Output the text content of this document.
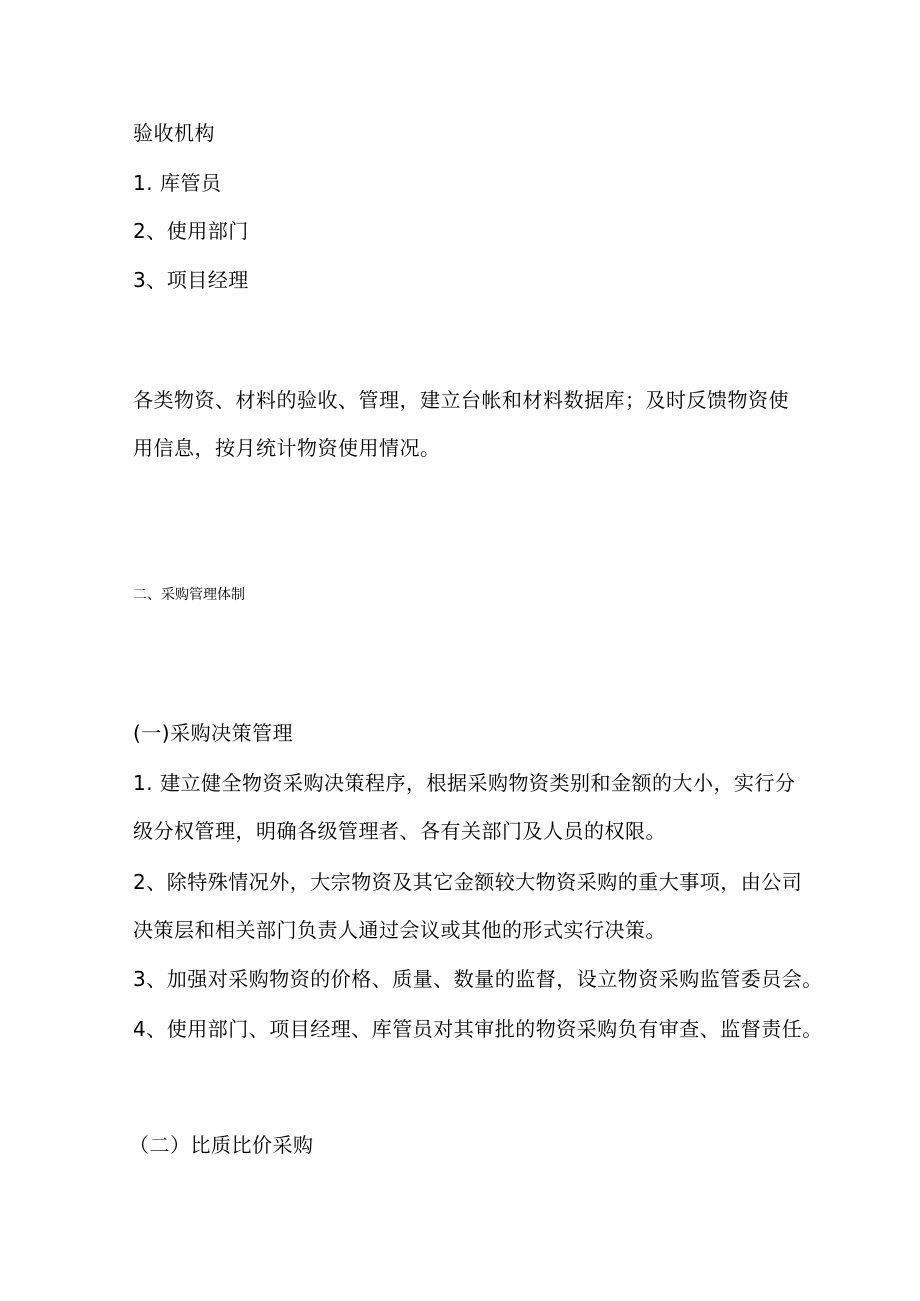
验收机构
1. 库管员
2、使用部门
3、项目经理
各类物资、材料的验收、管理，建立台帐和材料数据库；及时反馈物资使
用信息，按月统计物资使用情况。
二、采购管理体制
(一)采购决策管理
1. 建立健全物资采购决策程序，根据采购物资类别和金额的大小，实行分
级分权管理，明确各级管理者、各有关部门及人员的权限。
2、除特殊情况外，大宗物资及其它金额较大物资采购的重大事项，由公司
决策层和相关部门负责人通过会议或其他的形式实行决策。
3、加强对采购物资的价格、质量、数量的监督，设立物资采购监管委员会。
4、使用部门、项目经理、库管员对其审批的物资采购负有审查、监督责任。
（二）比质比价采购
